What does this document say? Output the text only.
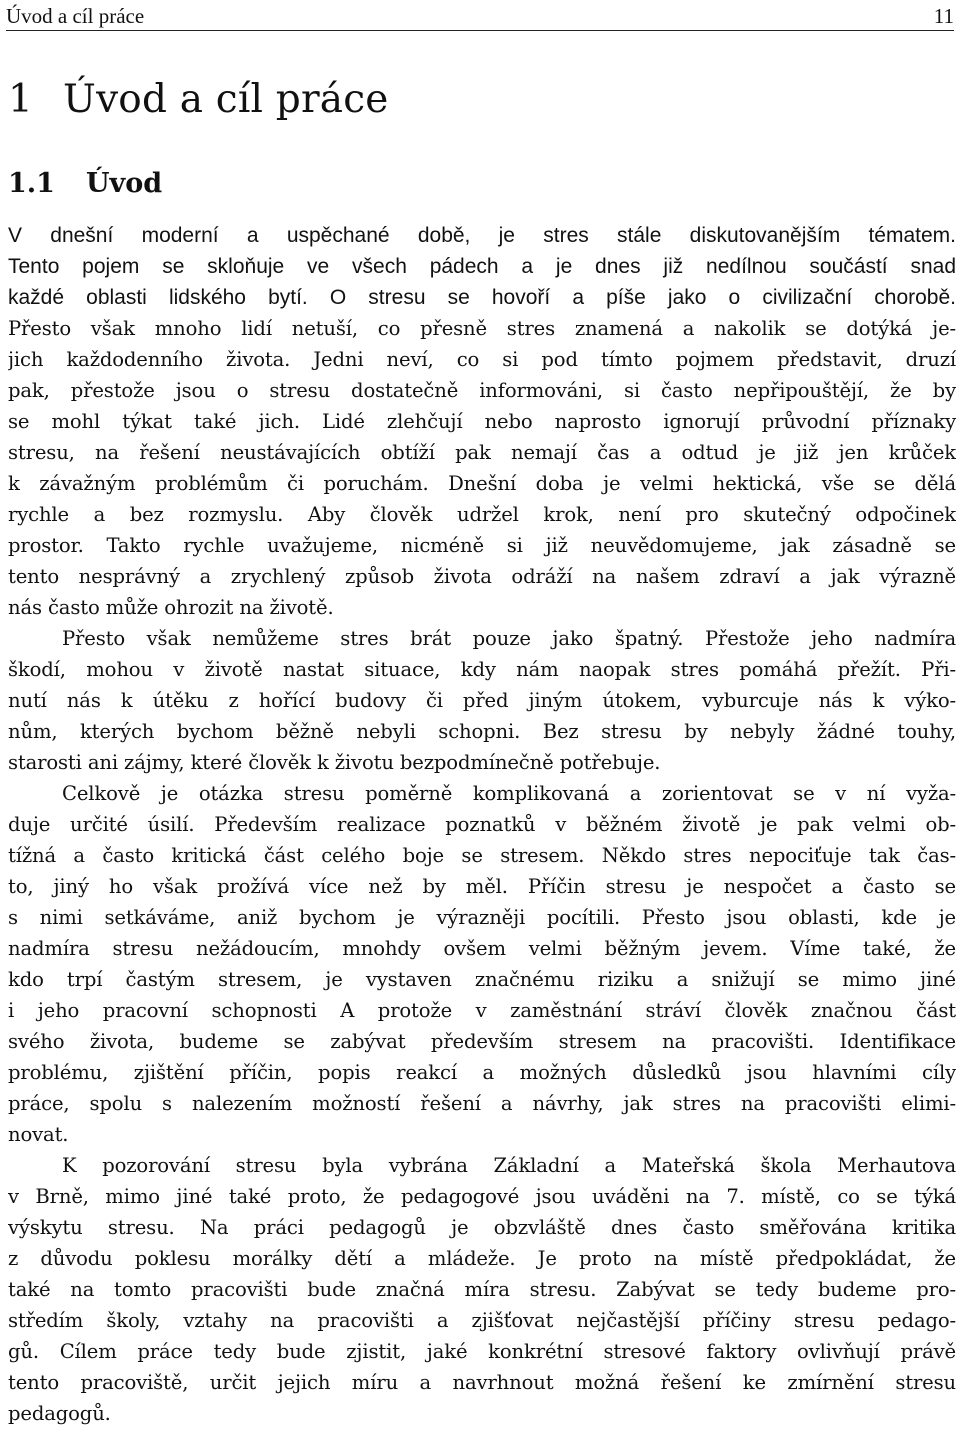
Úvod a cíl práce	11
1 Úvod a cíl práce
1.1 Úvod
V dnešní moderní a uspěchané době, je stres stále diskutovanějším tématem.
Tento pojem se skloňuje ve všech pádech a je dnes již nedílnou součástí snad
každé oblasti lidského bytí. O stresu se hovoří a píše jako o civilizační chorobě.
Přesto však mnoho lidí netuší, co přesně stres znamená a nakolik se dotýká je-
jich každodenního života. Jedni neví, co si pod tímto pojmem představit, druzí
pak, přestože jsou o stresu dostatečně informováni, si často nepřipouštějí, že by
se mohl týkat také jich. Lidé zlehčují nebo naprosto ignorují průvodní příznaky
stresu, na řešení neustávajících obtíží pak nemají čas a odtud je již jen krůček
k závažným problémům či poruchám. Dnešní doba je velmi hektická, vše se dělá
rychle a bez rozmyslu. Aby člověk udržel krok, není pro skutečný odpočinek
prostor. Takto rychle uvažujeme, nicméně si již neuvědomujeme, jak zásadně se
tento nesprávný a zrychlený způsob života odráží na našem zdraví a jak výrazně
nás často může ohrozit na životě.
Přesto však nemůžeme stres brát pouze jako špatný. Přestože jeho nadmíra
škodí, mohou v životě nastat situace, kdy nám naopak stres pomáhá přežít. Při-
nutí nás k útěku z hořící budovy či před jiným útokem, vyburcuje nás k výko-
nům, kterých bychom běžně nebyli schopni. Bez stresu by nebyly žádné touhy,
starosti ani zájmy, které člověk k životu bezpodmínečně potřebuje.
Celkově je otázka stresu poměrně komplikovaná a zorientovat se v ní vyža-
duje určité úsilí. Především realizace poznatků v běžném životě je pak velmi ob-
tížná a často kritická část celého boje se stresem. Někdo stres nepociťuje tak čas-
to, jiný ho však prožívá více než by měl. Příčin stresu je nespočet a často se
s nimi setkáváme, aniž bychom je výrazněji pocítili. Přesto jsou oblasti, kde je
nadmíra stresu nežádoucím, mnohdy ovšem velmi běžným jevem. Víme také, že
kdo trpí častým stresem, je vystaven značnému riziku a snižují se mimo jiné
i jeho pracovní schopnosti A protože v zaměstnání stráví člověk značnou část
svého života, budeme se zabývat především stresem na pracovišti. Identifikace
problému, zjištění příčin, popis reakcí a možných důsledků jsou hlavními cíly
práce, spolu s nalezením možností řešení a návrhy, jak stres na pracovišti elimi-
novat.
K pozorování stresu byla vybrána Základní a Mateřská škola Merhautova
v Brně, mimo jiné také proto, že pedagogové jsou uváděni na 7. místě, co se týká
výskytu stresu. Na práci pedagogů je obzvláště dnes často směřována kritika
z důvodu poklesu morálky dětí a mládeže. Je proto na místě předpokládat, že
také na tomto pracovišti bude značná míra stresu. Zabývat se tedy budeme pro-
středím školy, vztahy na pracovišti a zjišťovat nejčastější příčiny stresu pedago-
gů. Cílem práce tedy bude zjistit, jaké konkrétní stresové faktory ovlivňují právě
tento pracoviště, určit jejich míru a navrhnout možná řešení ke zmírnění stresu
pedagogů.
